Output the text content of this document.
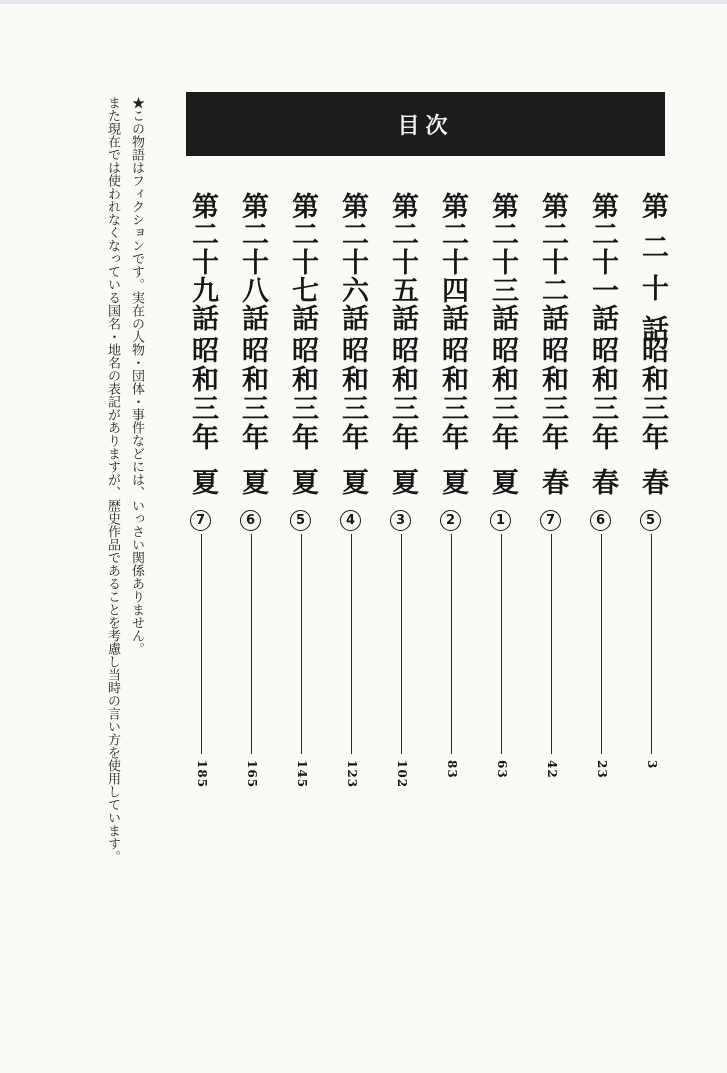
目次
★この物語はフィクションです。実在の人物・団体・事件などには、いっさい関係ありません。
また現在では使われなくなっている国名・地名の表記がありますが、歴史作品であることを考慮し当時の言い方を使用しています。	第二十話
昭和三年
春
5
3
第二十一話
昭和三年
春
6
23
第二十二話
昭和三年
春
7
42
第二十三話
昭和三年
夏
1
63
第二十四話
昭和三年
夏
2
83
第二十五話
昭和三年
夏
3
102
第二十六話
昭和三年
夏
4
123
第二十七話
昭和三年
夏
5
145
第二十八話
昭和三年
夏
6
165
第二十九話
昭和三年
夏
7
185
